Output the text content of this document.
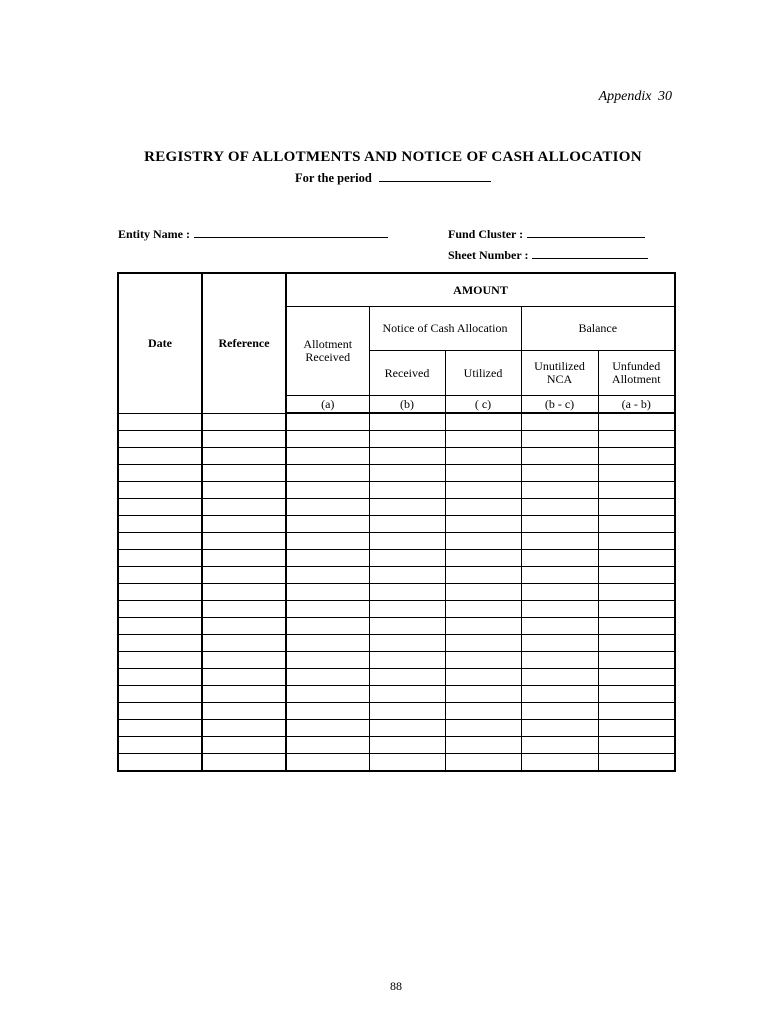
Appendix 30
REGISTRY OF ALLOTMENTS AND NOTICE OF CASH ALLOCATION
For the period
Entity Name :	Fund Cluster :
Sheet Number :
Date	Reference	AMOUNT				
		Allotment Received	Notice of Cash Allocation		Balance	
			Received	Utilized	Unutilized NCA	Unfunded Allotment
		(a)	(b)	( c)	(b - c)	(a - b)

88
